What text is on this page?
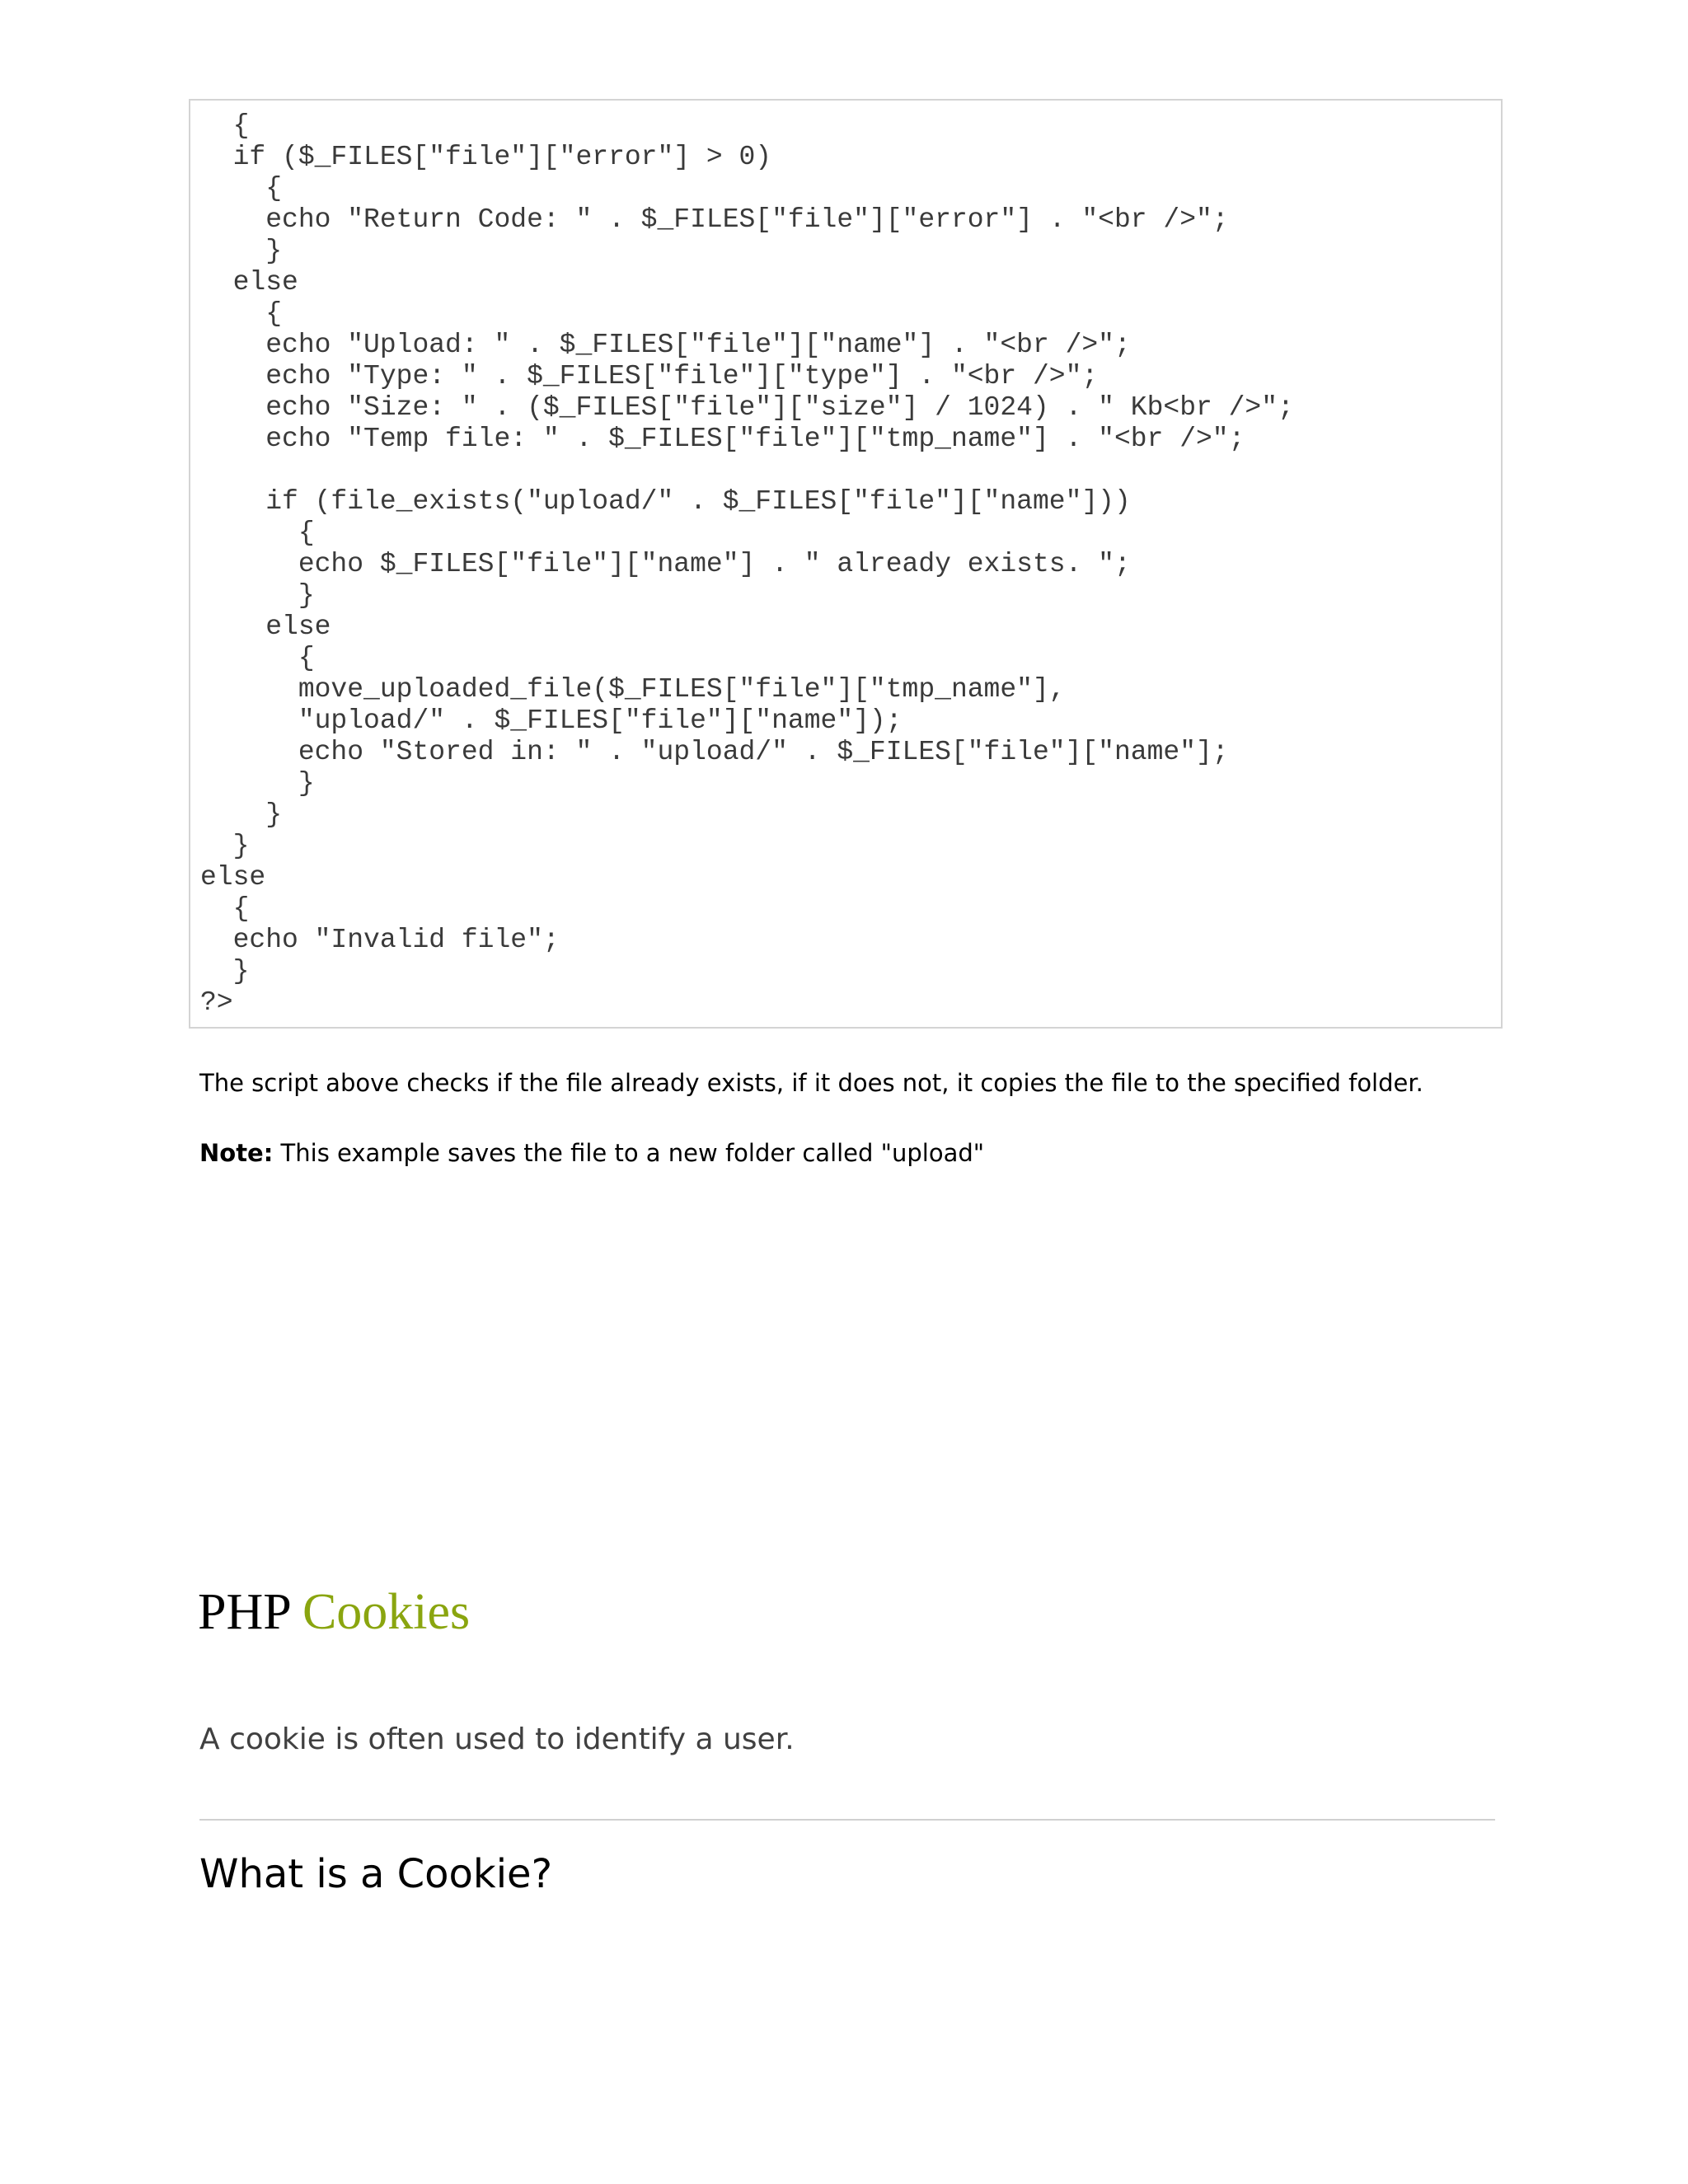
{
if ($_FILES["file"]["error"] > 0)
{
echo "Return Code: " . $_FILES["file"]["error"] . "<br />";
}
else
{
echo "Upload: " . $_FILES["file"]["name"] . "<br />";
echo "Type: " . $_FILES["file"]["type"] . "<br />";
echo "Size: " . ($_FILES["file"]["size"] / 1024) . " Kb<br />";
echo "Temp file: " . $_FILES["file"]["tmp_name"] . "<br />";

if (file_exists("upload/" . $_FILES["file"]["name"]))
{
echo $_FILES["file"]["name"] . " already exists. ";
}
else
{
move_uploaded_file($_FILES["file"]["tmp_name"],
"upload/" . $_FILES["file"]["name"]);
echo "Stored in: " . "upload/" . $_FILES["file"]["name"];
}
}
}
else
{
echo "Invalid file";
}
?>

The script above checks if the file already exists, if it does not, it copies the file to the specified folder.

Note: This example saves the file to a new folder called "upload"

PHP Cookies

A cookie is often used to identify a user.

What is a Cookie?
